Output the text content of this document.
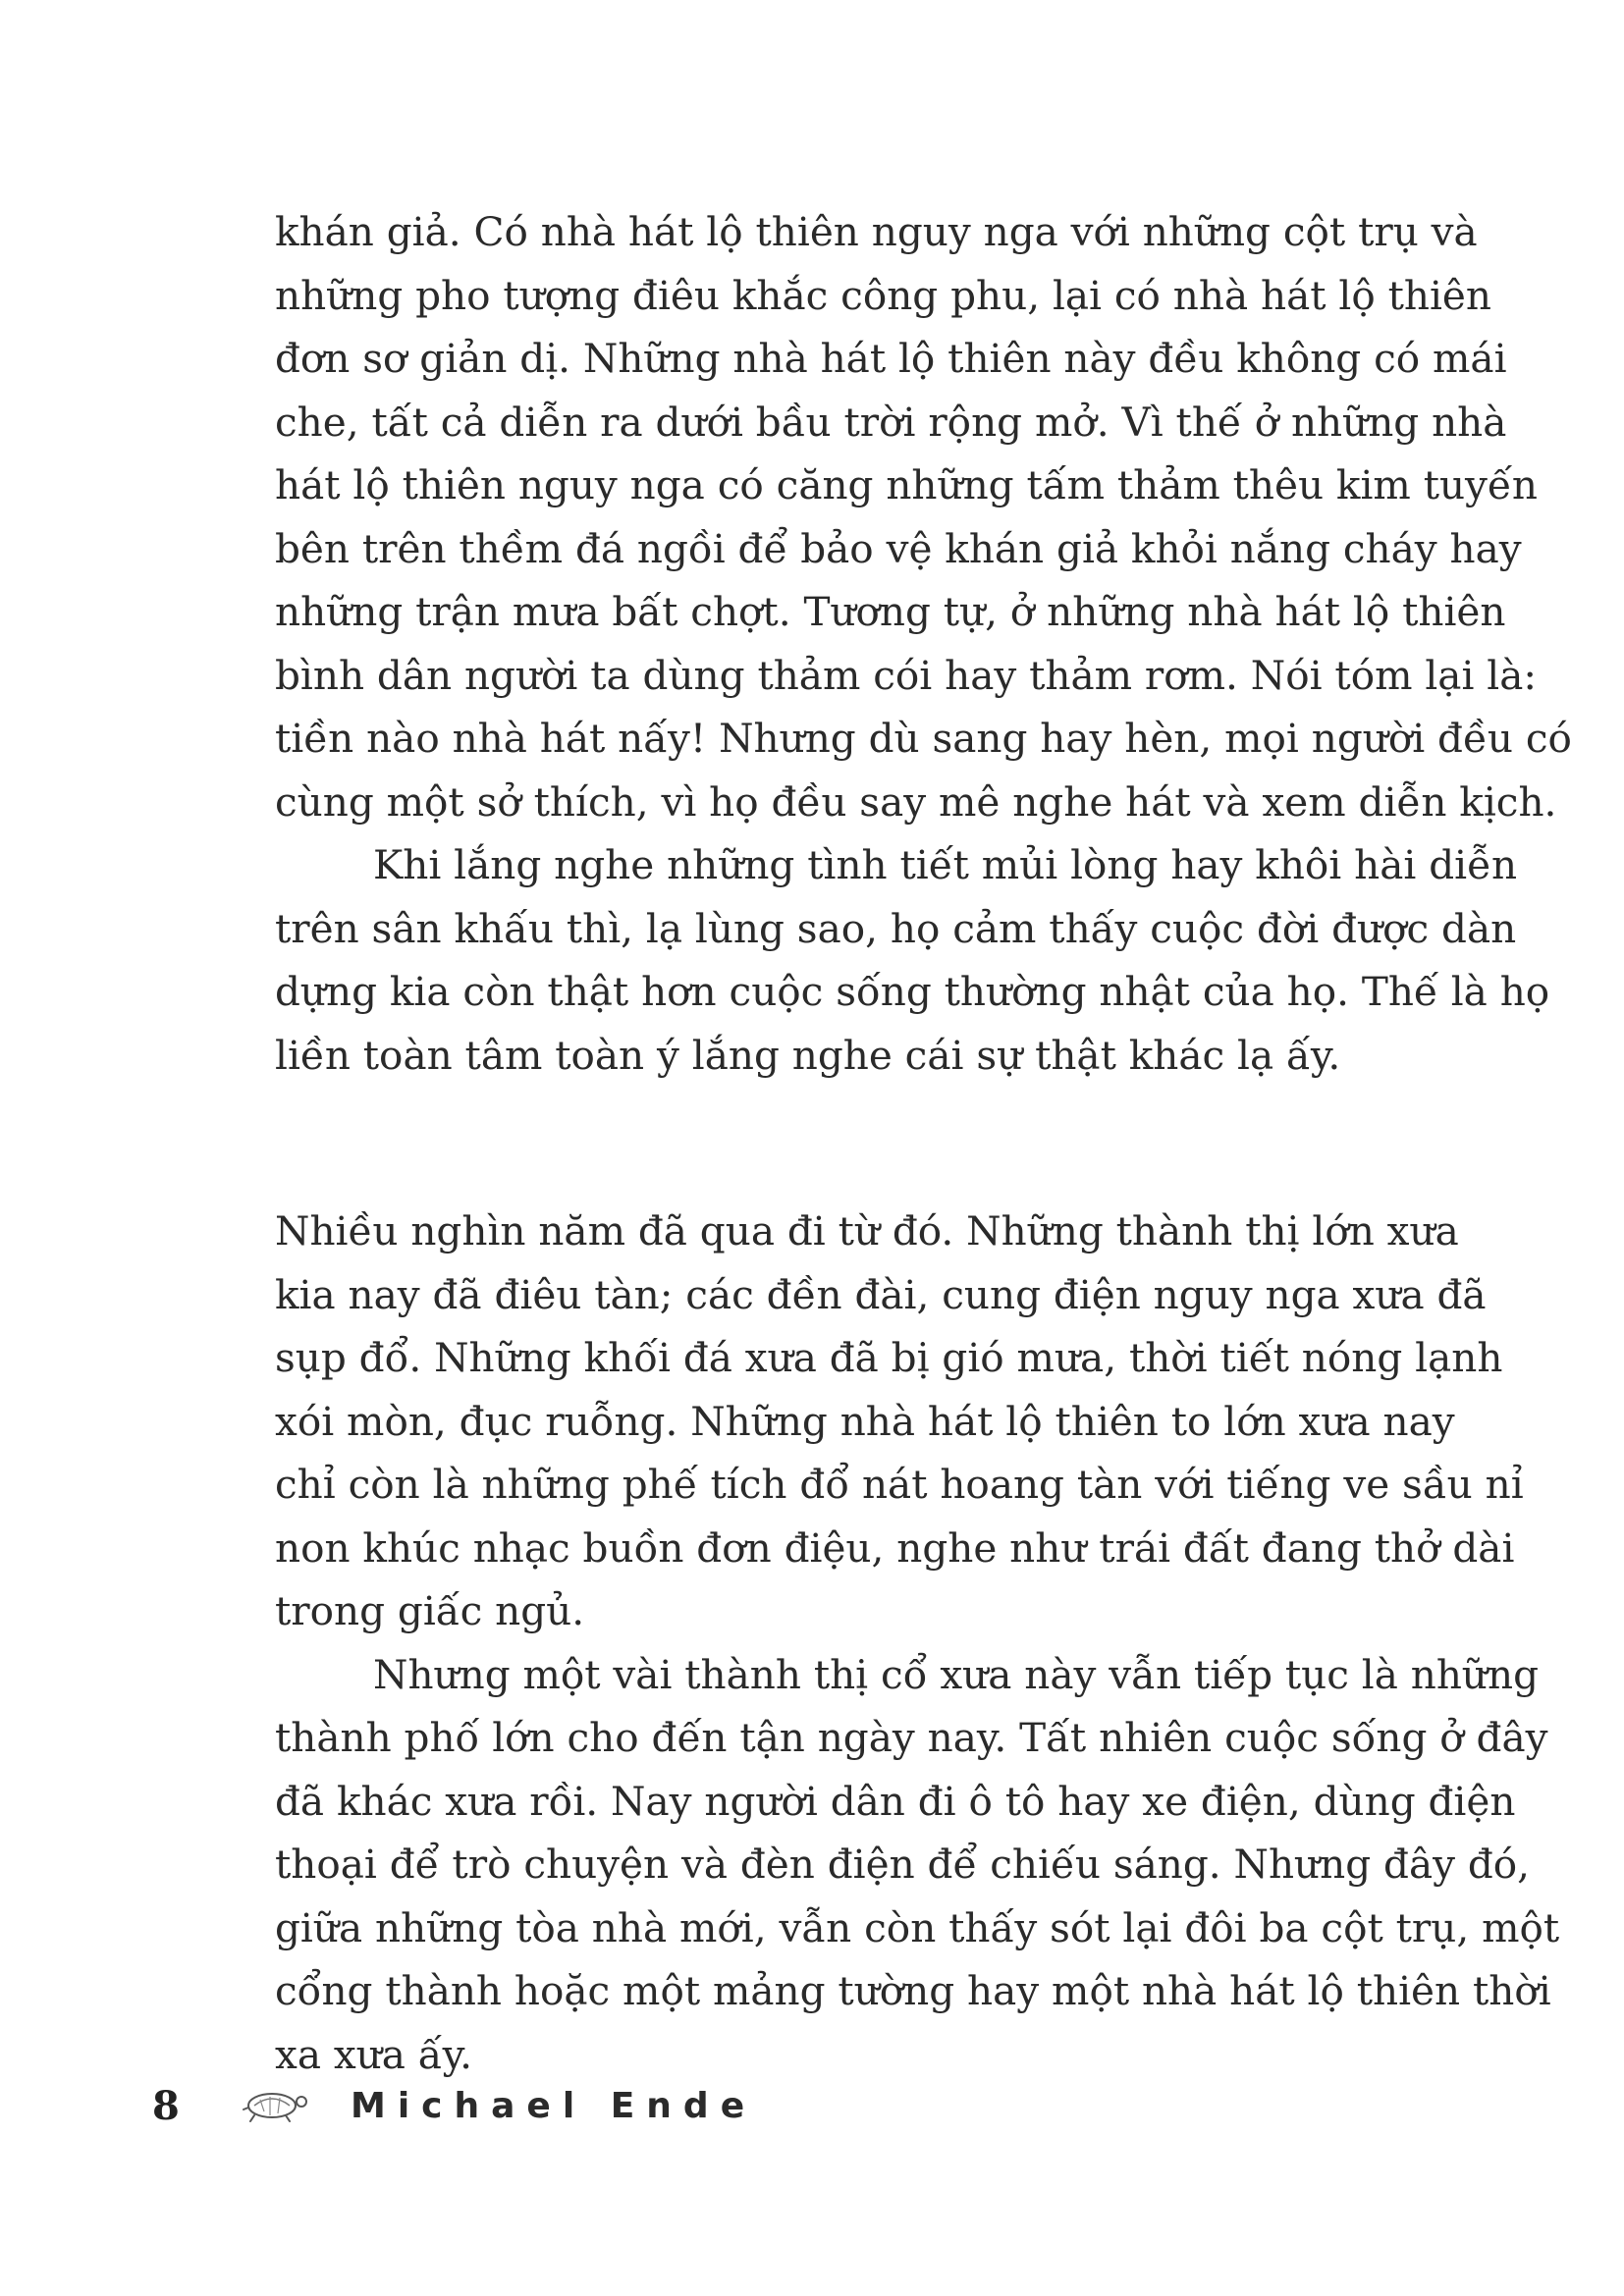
khán giả. Có nhà hát lộ thiên nguy nga với những cột trụ và
những pho tượng điêu khắc công phu, lại có nhà hát lộ thiên
đơn sơ giản dị. Những nhà hát lộ thiên này đều không có mái
che, tất cả diễn ra dưới bầu trời rộng mở. Vì thế ở những nhà
hát lộ thiên nguy nga có căng những tấm thảm thêu kim tuyến
bên trên thềm đá ngồi để bảo vệ khán giả khỏi nắng cháy hay
những trận mưa bất chợt. Tương tự, ở những nhà hát lộ thiên
bình dân người ta dùng thảm cói hay thảm rơm. Nói tóm lại là:
tiền nào nhà hát nấy! Nhưng dù sang hay hèn, mọi người đều có
cùng một sở thích, vì họ đều say mê nghe hát và xem diễn kịch.
Khi lắng nghe những tình tiết mủi lòng hay khôi hài diễn
trên sân khấu thì, lạ lùng sao, họ cảm thấy cuộc đời được dàn
dựng kia còn thật hơn cuộc sống thường nhật của họ. Thế là họ
liền toàn tâm toàn ý lắng nghe cái sự thật khác lạ ấy.
Nhiều nghìn năm đã qua đi từ đó. Những thành thị lớn xưa
kia nay đã điêu tàn; các đền đài, cung điện nguy nga xưa đã
sụp đổ. Những khối đá xưa đã bị gió mưa, thời tiết nóng lạnh
xói mòn, đục ruỗng. Những nhà hát lộ thiên to lớn xưa nay
chỉ còn là những phế tích đổ nát hoang tàn với tiếng ve sầu nỉ
non khúc nhạc buồn đơn điệu, nghe như trái đất đang thở dài
trong giấc ngủ.
Nhưng một vài thành thị cổ xưa này vẫn tiếp tục là những
thành phố lớn cho đến tận ngày nay. Tất nhiên cuộc sống ở đây
đã khác xưa rồi. Nay người dân đi ô tô hay xe điện, dùng điện
thoại để trò chuyện và đèn điện để chiếu sáng. Nhưng đây đó,
giữa những tòa nhà mới, vẫn còn thấy sót lại đôi ba cột trụ, một
cổng thành hoặc một mảng tường hay một nhà hát lộ thiên thời
xa xưa ấy.
8	Michael Ende
